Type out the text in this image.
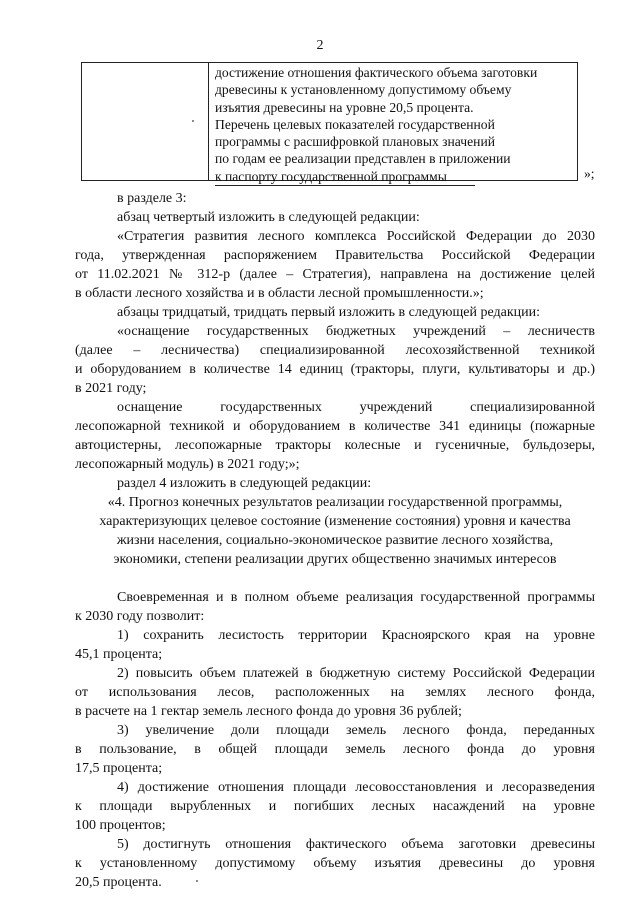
2
достижение отношения фактического объема заготовки
древесины к установленному допустимому объему
изъятия древесины на уровне 20,5 процента.
Перечень целевых показателей государственной
программы с расшифровкой плановых значений
по годам ее реализации представлен в приложении
к паспорту государственной программы	»;
в разделе 3:
абзац четвертый изложить в следующей редакции:
«Стратегия развития лесного комплекса Российской Федерации до 2030
года, утвержденная распоряжением Правительства Российской Федерации
от 11.02.2021 № 312-р (далее – Стратегия), направлена на достижение целей
в области лесного хозяйства и в области лесной промышленности.»;
абзацы тридцатый, тридцать первый изложить в следующей редакции:
«оснащение государственных бюджетных учреждений – лесничеств
(далее – лесничества) специализированной лесохозяйственной техникой
и оборудованием в количестве 14 единиц (тракторы, плуги, культиваторы и др.)
в 2021 году;
оснащение государственных учреждений специализированной
лесопожарной техникой и оборудованием в количестве 341 единицы (пожарные
автоцистерны, лесопожарные тракторы колесные и гусеничные, бульдозеры,
лесопожарный модуль) в 2021 году;»;
раздел 4 изложить в следующей редакции:
«4. Прогноз конечных результатов реализации государственной программы,
характеризующих целевое состояние (изменение состояния) уровня и качества
жизни населения, социально-экономическое развитие лесного хозяйства,
экономики, степени реализации других общественно значимых интересов
Своевременная и в полном объеме реализация государственной программы
к 2030 году позволит:
1) сохранить лесистость территории Красноярского края на уровне
45,1 процента;
2) повысить объем платежей в бюджетную систему Российской Федерации
от использования лесов, расположенных на землях лесного фонда,
в расчете на 1 гектар земель лесного фонда до уровня 36 рублей;
3) увеличение доли площади земель лесного фонда, переданных
в пользование, в общей площади земель лесного фонда до уровня
17,5 процента;
4) достижение отношения площади лесовосстановления и лесоразведения
к площади вырубленных и погибших лесных насаждений на уровне
100 процентов;
5) достигнуть отношения фактического объема заготовки древесины
к установленному допустимому объему изъятия древесины до уровня
20,5 процента.
